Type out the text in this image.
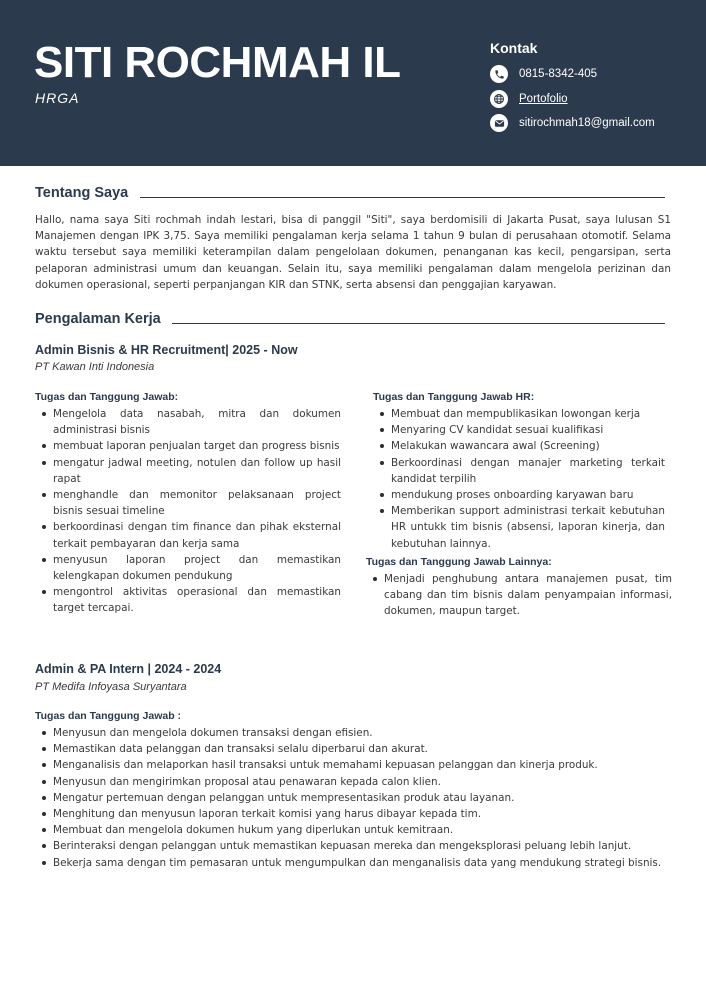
SITI ROCHMAH IL
HRGA
Kontak
0815-8342-405
Portofolio
sitirochmah18@gmail.com
Tentang Saya
Hallo, nama saya Siti rochmah indah lestari, bisa di panggil "Siti", saya berdomisili di Jakarta Pusat, saya lulusan S1 Manajemen dengan IPK 3,75. Saya memiliki pengalaman kerja selama 1 tahun 9 bulan di perusahaan otomotif. Selama waktu tersebut saya memiliki keterampilan dalam pengelolaan dokumen, penanganan kas kecil, pengarsipan, serta pelaporan administrasi umum dan keuangan. Selain itu, saya memiliki pengalaman dalam mengelola perizinan dan dokumen operasional, seperti perpanjangan KIR dan STNK, serta absensi dan penggajian karyawan.
Pengalaman Kerja
Admin Bisnis & HR Recruitment| 2025 - Now
PT Kawan Inti Indonesia
Tugas dan Tanggung Jawab:
Mengelola data nasabah, mitra dan dokumen administrasi bisnis
membuat laporan penjualan target dan progress bisnis
mengatur jadwal meeting, notulen dan follow up hasil rapat
menghandle dan memonitor pelaksanaan project bisnis sesuai timeline
berkoordinasi dengan tim finance dan pihak eksternal terkait pembayaran dan kerja sama
menyusun laporan project dan memastikan kelengkapan dokumen pendukung
mengontrol aktivitas operasional dan memastikan target tercapai.
Tugas dan Tanggung Jawab HR:
Membuat dan mempublikasikan lowongan kerja
Menyaring CV kandidat sesuai kualifikasi
Melakukan wawancara awal (Screening)
Berkoordinasi dengan manajer marketing terkait kandidat terpilih
mendukung proses onboarding karyawan baru
Memberikan support administrasi terkait kebutuhan HR untukk tim bisnis (absensi, laporan kinerja, dan kebutuhan lainnya.
Tugas dan Tanggung Jawab Lainnya:
Menjadi penghubung antara manajemen pusat, tim cabang dan tim bisnis dalam penyampaian informasi, dokumen, maupun target.
Admin & PA Intern | 2024 - 2024
PT Medifa Infoyasa Suryantara
Tugas dan Tanggung Jawab :
Menyusun dan mengelola dokumen transaksi dengan efisien.
Memastikan data pelanggan dan transaksi selalu diperbarui dan akurat.
Menganalisis dan melaporkan hasil transaksi untuk memahami kepuasan pelanggan dan kinerja produk.
Menyusun dan mengirimkan proposal atau penawaran kepada calon klien.
Mengatur pertemuan dengan pelanggan untuk mempresentasikan produk atau layanan.
Menghitung dan menyusun laporan terkait komisi yang harus dibayar kepada tim.
Membuat dan mengelola dokumen hukum yang diperlukan untuk kemitraan.
Berinteraksi dengan pelanggan untuk memastikan kepuasan mereka dan mengeksplorasi peluang lebih lanjut.
Bekerja sama dengan tim pemasaran untuk mengumpulkan dan menganalisis data yang mendukung strategi bisnis.
